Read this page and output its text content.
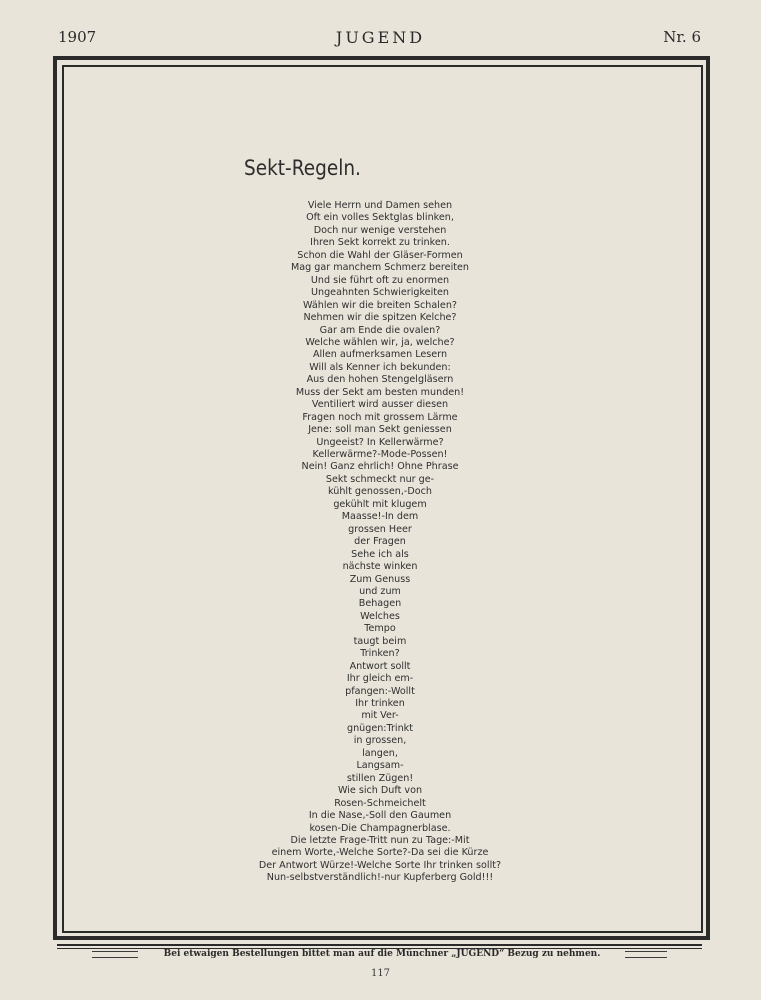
1907	JUGEND	Nr. 6
Sekt-Regeln.
Viele Herrn und Damen sehen
Oft ein volles Sektglas blinken,
Doch nur wenige verstehen
Ihren Sekt korrekt zu trinken.
Schon die Wahl der Gläser-Formen
Mag gar manchem Schmerz bereiten
Und sie führt oft zu enormen
Ungeahnten Schwierigkeiten
Wählen wir die breiten Schalen?
Nehmen wir die spitzen Kelche?
Gar am Ende die ovalen?
Welche wählen wir, ja, welche?
Allen aufmerksamen Lesern
Will als Kenner ich bekunden:
Aus den hohen Stengelgläsern
Muss der Sekt am besten munden!
Ventiliert wird ausser diesen
Fragen noch mit grossem Lärme
Jene: soll man Sekt geniessen
Ungeeist? In Kellerwärme?
Kellerwärme?-Mode-Possen!
Nein! Ganz ehrlich! Ohne Phrase
Sekt schmeckt nur ge-
kühlt genossen,-Doch
gekühlt mit klugem
Maasse!-In dem
grossen Heer
der Fragen
Sehe ich als
nächste winken
Zum Genuss
und zum
Behagen
Welches
Tempo
taugt beim
Trinken?
Antwort sollt
Ihr gleich em-
pfangen:-Wollt
Ihr trinken
mit Ver-
gnügen:Trinkt
in grossen,
langen,
Langsam-
stillen Zügen!
Wie sich Duft von
Rosen-Schmeichelt
In die Nase,-Soll den Gaumen
kosen-Die Champagnerblase.
Die letzte Frage-Tritt nun zu Tage:-Mit
einem Worte,-Welche Sorte?-Da sei die Kürze
Der Antwort Würze!-Welche Sorte Ihr trinken sollt?
Nun-selbstverständlich!-nur Kupferberg Gold!!!
Bei etwaigen Bestellungen bittet man auf die Münchner „JUGEND“ Bezug zu nehmen.
117
